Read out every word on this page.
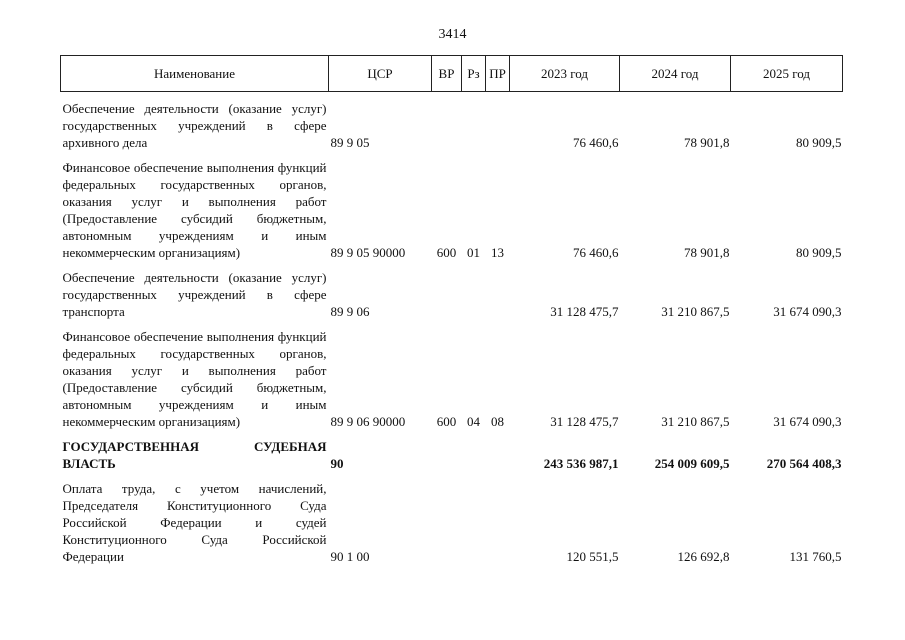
3414
Наименование	ЦСР	ВР	Рз	ПР	2023 год	2024 год	2025 год
Обеспечение деятельности (оказание услуг) государственных учреждений в сфере архивного дела	89 9 05				76 460,6	78 901,8	80 909,5
Финансовое обеспечение выполнения функций федеральных государственных органов, оказания услуг и выполнения работ (Предоставление субсидий бюджетным, автономным учреждениям и иным некоммерческим организациям)	89 9 05 90000	600	01	13	76 460,6	78 901,8	80 909,5
Обеспечение деятельности (оказание услуг) государственных учреждений в сфере транспорта	89 9 06				31 128 475,7	31 210 867,5	31 674 090,3
Финансовое обеспечение выполнения функций федеральных государственных органов, оказания услуг и выполнения работ (Предоставление субсидий бюджетным, автономным учреждениям и иным некоммерческим организациям)	89 9 06 90000	600	04	08	31 128 475,7	31 210 867,5	31 674 090,3
ГОСУДАРСТВЕННАЯ СУДЕБНАЯ ВЛАСТЬ	90				243 536 987,1	254 009 609,5	270 564 408,3
Оплата труда, с учетом начислений, Председателя Конституционного Суда Российской Федерации и судей Конституционного Суда Российской Федерации	90 1 00				120 551,5	126 692,8	131 760,5
